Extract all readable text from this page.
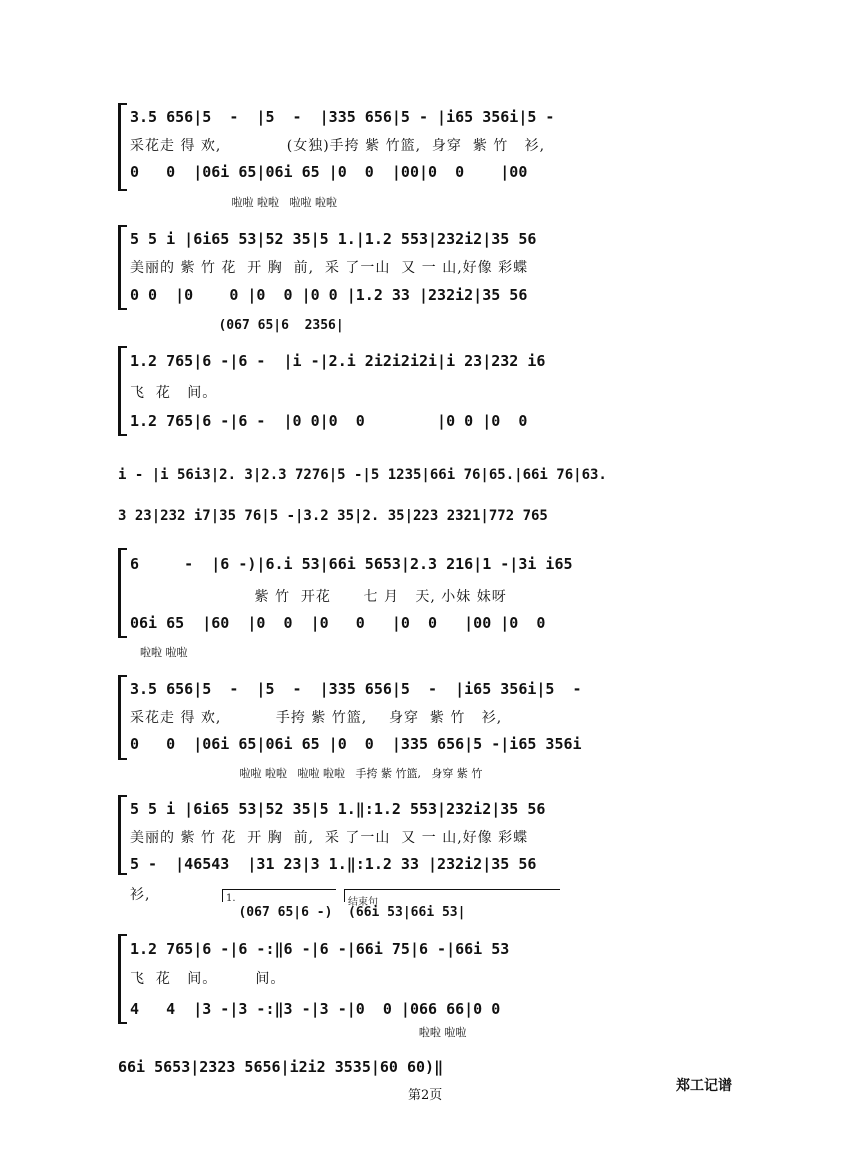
3.5 656|5  -  |5  -  |335 656|5 - |i65 356i|5 -
采花走 得 欢,            (女独)手挎 紫 竹篮,  身穿  紫 竹   衫,
0   0  |06i 65|06i 65 |0  0  |00|0  0    |00
啦啦 啦啦   啦啦 啦啦
5 5 i |6i65 53|52 35|5 1.|1.2 553|232i2|35 56
美丽的 紫 竹 花  开 胸  前,  采 了一山  又 一 山,好像 彩蝶
0 0  |0    0 |0  0 |0 0 |1.2 33 |232i2|35 56
(067 65|6  2356|
1.2 765|6 -|6 -  |i -|2.i 2i2i2i2i|i 23|232 i6
飞  花   间。
1.2 765|6 -|6 -  |0 0|0  0        |0 0 |0  0
i - |i 56i3|2. 3|2.3 7276|5 -|5 1235|66i 76|65.|66i 76|63.
3 23|232 i7|35 76|5 -|3.2 35|2. 35|223 2321|772 765
6     -  |6 -)|6.i 53|66i 5653|2.3 216|1 -|3i i65
紫 竹  开花      七 月   天, 小妹 妹呀
06i 65  |60  |0  0  |0   0   |0  0   |00 |0  0
啦啦 啦啦
3.5 656|5  -  |5  -  |335 656|5  -  |i65 356i|5  -
采花走 得 欢,          手挎 紫 竹篮,    身穿  紫 竹   衫,
0   0  |06i 65|06i 65 |0  0  |335 656|5 -|i65 356i
啦啦 啦啦   啦啦 啦啦   手挎 紫 竹篮,   身穿 紫 竹
5 5 i |6i65 53|52 35|5 1.‖:1.2 553|232i2|35 56
美丽的 紫 竹 花  开 胸  前,  采 了一山  又 一 山,好像 彩蝶
5 -  |46543  |31 23|3 1.‖:1.2 33 |232i2|35 56
衫,	1.	结束句
(067 65|6 -)  (66i 53|66i 53|
1.2 765|6 -|6 -:‖6 -|6 -|66i 75|6 -|66i 53
飞  花   间。       间。
4   4  |3 -|3 -:‖3 -|3 -|0  0 |066 66|0 0
啦啦 啦啦
66i 5653|2323 5656|i2i2 3535|60 60)‖
第2页
郑工记谱
